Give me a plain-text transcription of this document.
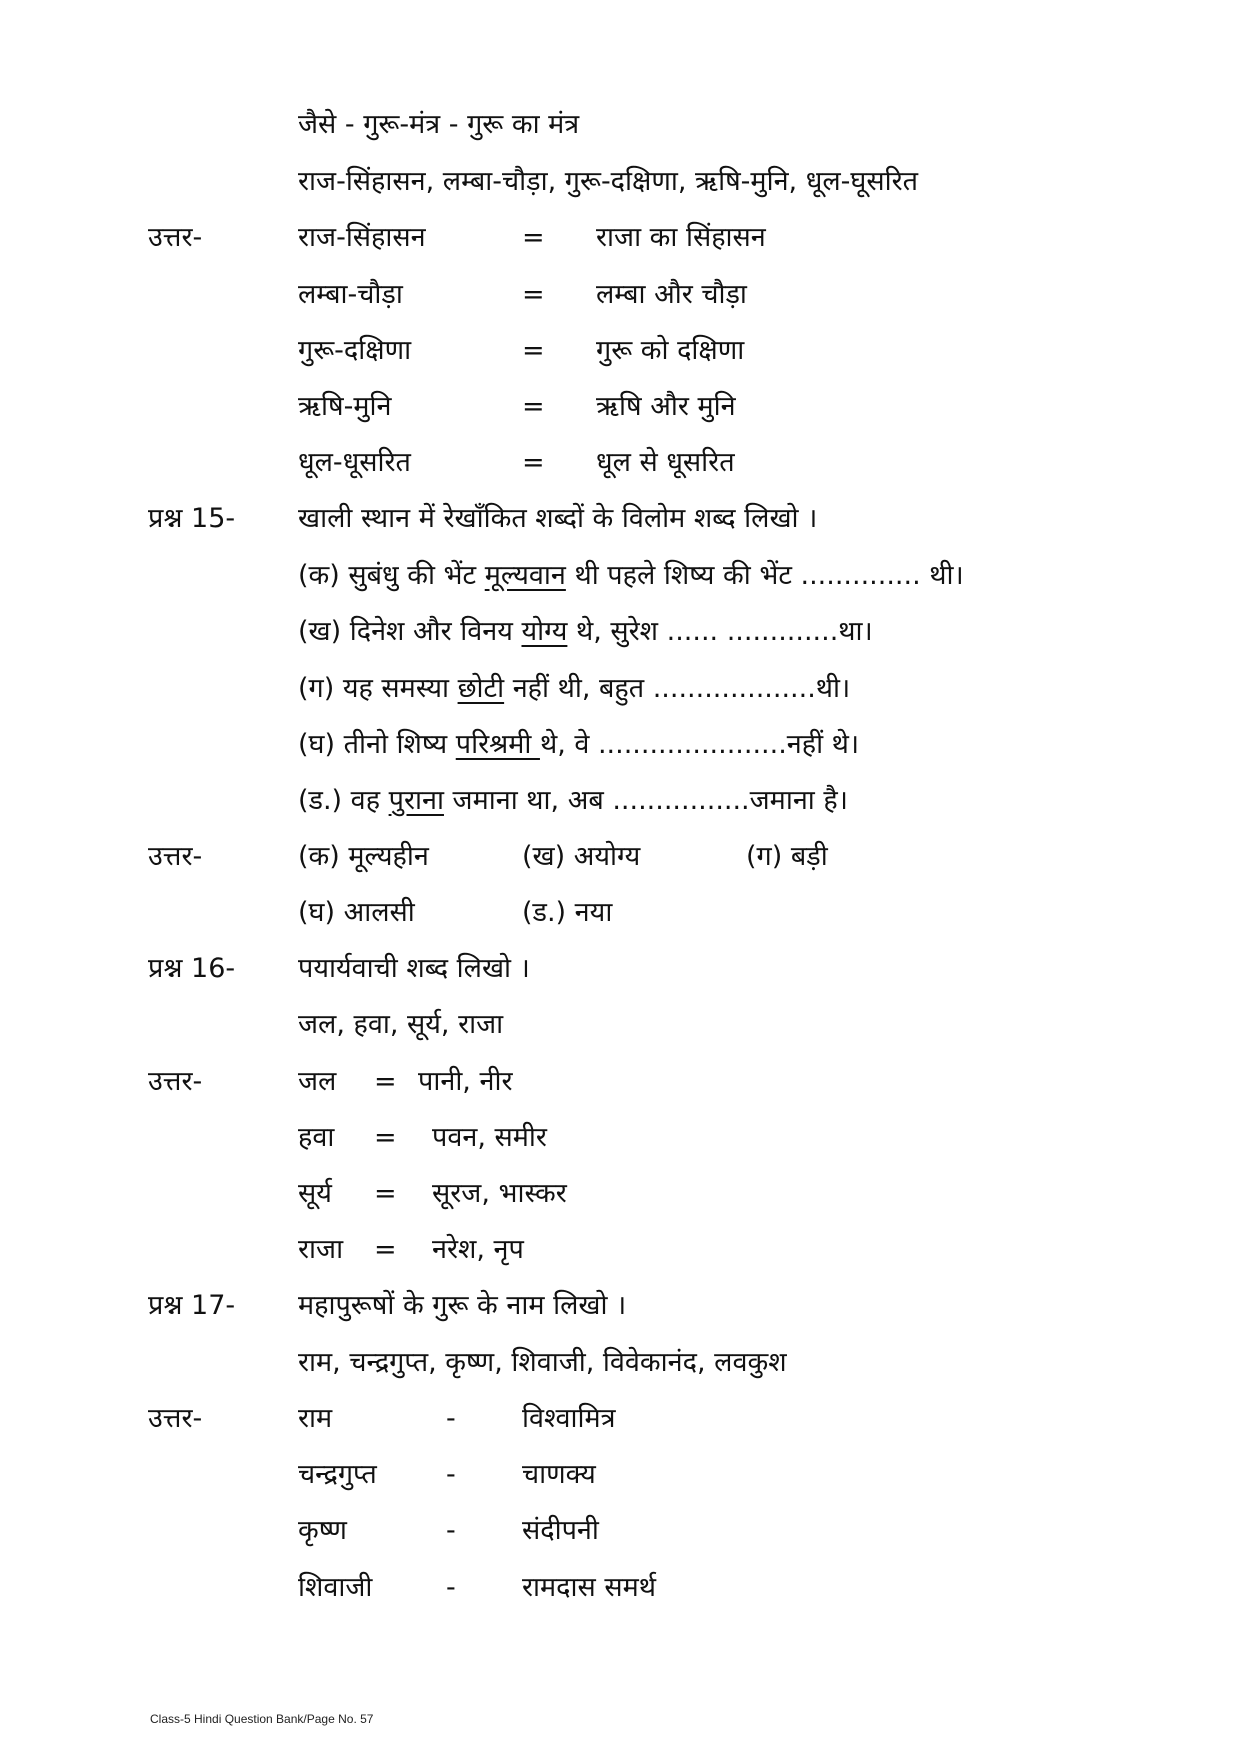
जैसे - गुरू-मंत्र - गुरू का मंत्र
राज-सिंहासन, लम्बा-चौड़ा, गुरू-दक्षिणा, ऋषि-मुनि, धूल-घूसरित
उत्तर-	राज-सिंहासन	= राजा का सिंहासन
लम्बा-चौड़ा	= लम्बा और चौड़ा
गुरू-दक्षिणा	= गुरू को दक्षिणा
ऋषि-मुनि	= ऋषि और मुनि
धूल-धूसरित	= धूल से धूसरित
प्रश्न 15- खाली स्थान में रेखाँकित शब्दों के विलोम शब्द लिखो ।
(क) सुबंधु की भेंट मूल्यवान थी पहले शिष्य की भेंट .............. थी।
(ख) दिनेश और विनय योग्य थे, सुरेश ...... .............था।
(ग) यह समस्या छोटी नहीं थी, बहुत ...................थी।
(घ) तीनो शिष्य परिश्रमी थे, वे ......................नहीं थे।
(ड.) वह पुराना जमाना था, अब ................जमाना है।
उत्तर-	(क) मूल्यहीन	(ख) अयोग्य	(ग) बड़ी
(घ) आलसी	(ड.) नया
प्रश्न 16- पयार्यवाची शब्द लिखो ।
जल, हवा, सूर्य, राजा
उत्तर-	जल = पानी, नीर
हवा = पवन, समीर
सूर्य = सूरज, भास्कर
राजा = नरेश, नृप
प्रश्न 17- महापुरूषों के गुरू के नाम लिखो ।
राम, चन्द्रगुप्त, कृष्ण, शिवाजी, विवेकानंद, लवकुश
उत्तर-	राम	- विश्वामित्र
चन्द्रगुप्त	- चाणक्य
कृष्ण	- संदीपनी
शिवाजी	- रामदास समर्थ
Class-5 Hindi Question Bank/Page No. 57
